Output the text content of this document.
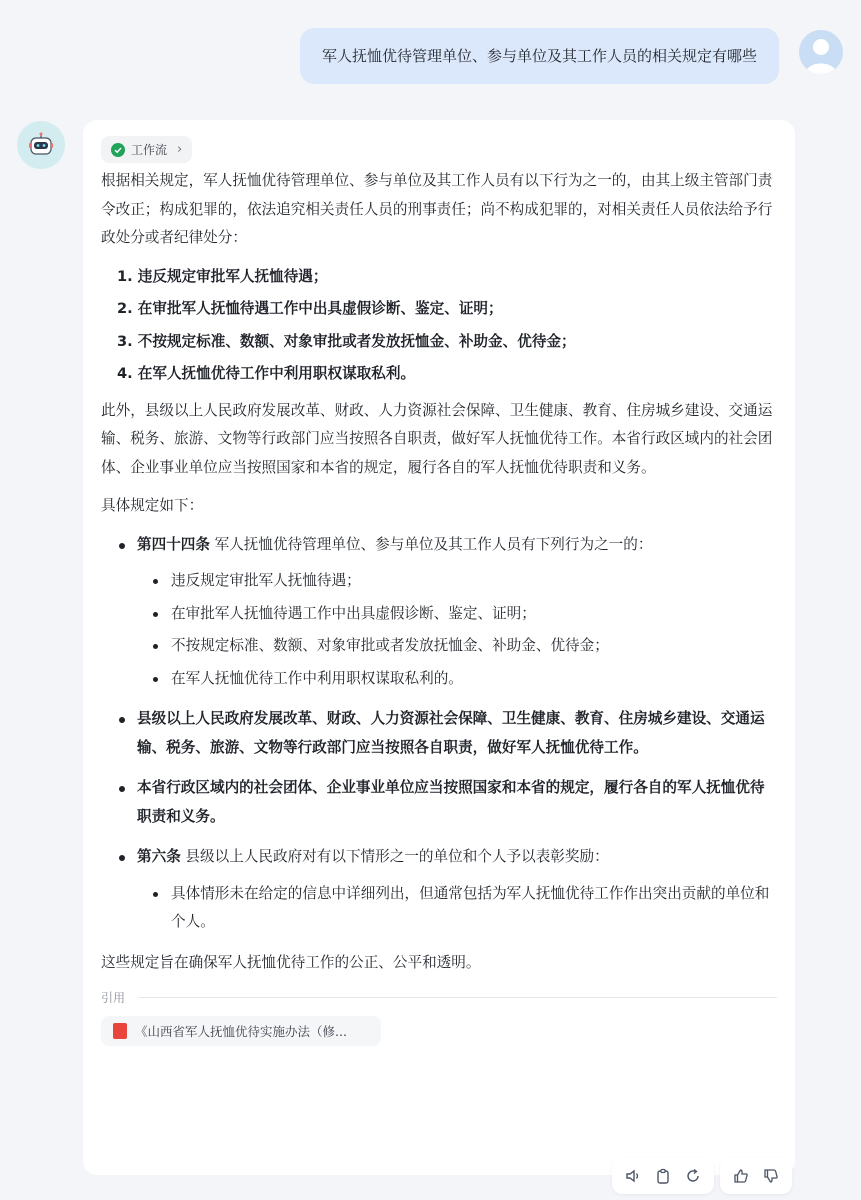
军人抚恤优待管理单位、参与单位及其工作人员的相关规定有哪些
工作流 ›

根据相关规定，军人抚恤优待管理单位、参与单位及其工作人员有以下行为之一的，由其上级主管部门责令改正；构成犯罪的，依法追究相关责任人员的刑事责任；尚不构成犯罪的，对相关责任人员依法给予行政处分或者纪律处分：

1. 违反规定审批军人抚恤待遇；
2. 在审批军人抚恤待遇工作中出具虚假诊断、鉴定、证明；
3. 不按规定标准、数额、对象审批或者发放抚恤金、补助金、优待金；
4. 在军人抚恤优待工作中利用职权谋取私利。

此外，县级以上人民政府发展改革、财政、人力资源社会保障、卫生健康、教育、住房城乡建设、交通运输、税务、旅游、文物等行政部门应当按照各自职责，做好军人抚恤优待工作。本省行政区域内的社会团体、企业事业单位应当按照国家和本省的规定，履行各自的军人抚恤优待职责和义务。

具体规定如下：

第四十四条 军人抚恤优待管理单位、参与单位及其工作人员有下列行为之一的：
违反规定审批军人抚恤待遇；
在审批军人抚恤待遇工作中出具虚假诊断、鉴定、证明；
不按规定标准、数额、对象审批或者发放抚恤金、补助金、优待金；
在军人抚恤优待工作中利用职权谋取私利的。
县级以上人民政府发展改革、财政、人力资源社会保障、卫生健康、教育、住房城乡建设、交通运输、税务、旅游、文物等行政部门应当按照各自职责，做好军人抚恤优待工作。
本省行政区域内的社会团体、企业事业单位应当按照国家和本省的规定，履行各自的军人抚恤优待职责和义务。
第六条 县级以上人民政府对有以下情形之一的单位和个人予以表彰奖励：
具体情形未在给定的信息中详细列出，但通常包括为军人抚恤优待工作作出突出贡献的单位和个人。

这些规定旨在确保军人抚恤优待工作的公正、公平和透明。

引用
《山西省军人抚恤优待实施办法（修...
